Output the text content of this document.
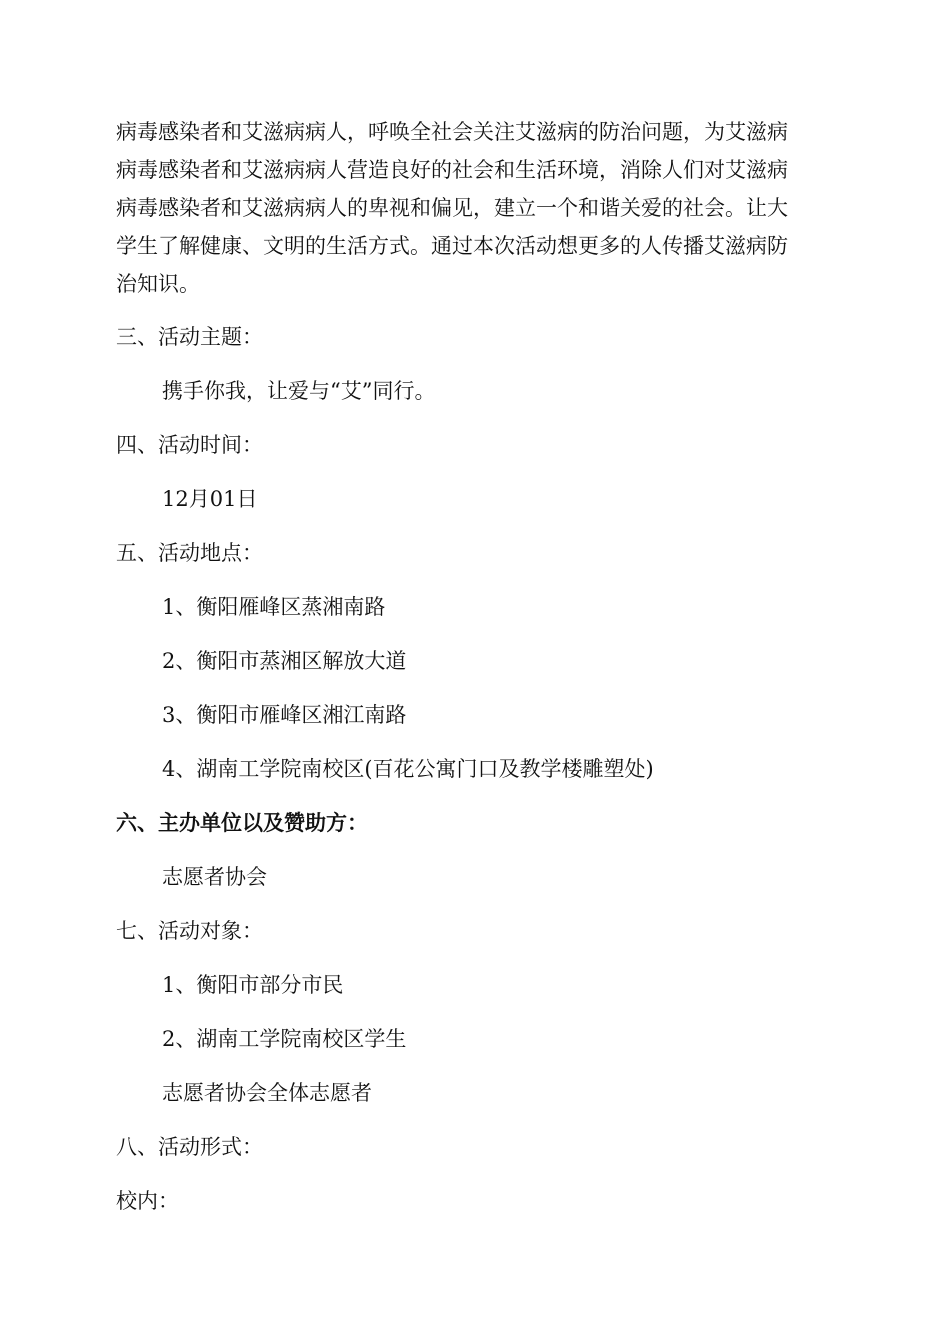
病毒感染者和艾滋病病人，呼唤全社会关注艾滋病的防治问题，为艾滋病
病毒感染者和艾滋病病人营造良好的社会和生活环境，消除人们对艾滋病
病毒感染者和艾滋病病人的卑视和偏见，建立一个和谐关爱的社会。让大
学生了解健康、文明的生活方式。通过本次活动想更多的人传播艾滋病防
治知识。

三、活动主题：

携手你我，让爱与“艾”同行。

四、活动时间：

12月01日

五、活动地点：

1、衡阳雁峰区蒸湘南路

2、衡阳市蒸湘区解放大道

3、衡阳市雁峰区湘江南路

4、湖南工学院南校区(百花公寓门口及教学楼雕塑处)

六、主办单位以及赞助方：

志愿者协会

七、活动对象：

1、衡阳市部分市民

2、湖南工学院南校区学生

志愿者协会全体志愿者

八、活动形式：

校内：
